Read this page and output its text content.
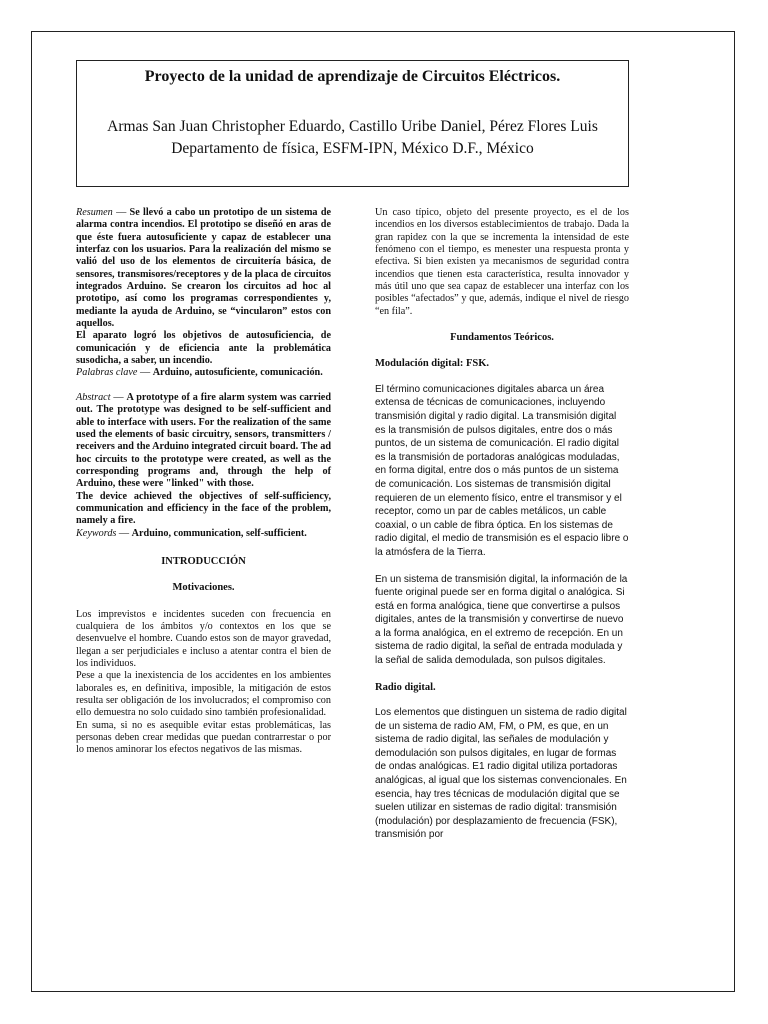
Proyecto de la unidad de aprendizaje de Circuitos Eléctricos.

Armas San Juan Christopher Eduardo, Castillo Uribe Daniel, Pérez Flores Luis

Departamento de física, ESFM-IPN, México D.F., México

Resumen — Se llevó a cabo un prototipo de un sistema de alarma contra incendios. El prototipo se diseñó en aras de que éste fuera autosuficiente y capaz de establecer una interfaz con los usuarios. Para la realización del mismo se valió del uso de los elementos de circuitería básica, de sensores, transmisores/receptores y de la placa de circuitos integrados Arduino. Se crearon los circuitos ad hoc al prototipo, así como los programas correspondientes y, mediante la ayuda de Arduino, se “vincularon” estos con aquellos.

El aparato logró los objetivos de autosuficiencia, de comunicación y de eficiencia ante la problemática susodicha, a saber, un incendio.

Palabras clave — Arduino, autosuficiente, comunicación.

Abstract — A prototype of a fire alarm system was carried out. The prototype was designed to be self-sufficient and able to interface with users. For the realization of the same used the elements of basic circuitry, sensors, transmitters / receivers and the Arduino integrated circuit board. The ad hoc circuits to the prototype were created, as well as the corresponding programs and, through the help of Arduino, these were "linked" with those.

The device achieved the objectives of self-sufficiency, communication and efficiency in the face of the problem, namely a fire.

Keywords — Arduino, communication, self-sufficient.

INTRODUCCIÓN

Motivaciones.

Los imprevistos e incidentes suceden con frecuencia en cualquiera de los ámbitos y/o contextos en los que se desenvuelve el hombre. Cuando estos son de mayor gravedad, llegan a ser perjudiciales e incluso a atentar contra el bien de los individuos.

Pese a que la inexistencia de los accidentes en los ambientes laborales es, en definitiva, imposible, la mitigación de estos resulta ser obligación de los involucrados; el compromiso con ello demuestra no solo cuidado sino también profesionalidad.

En suma, si no es asequible evitar estas problemáticas, las personas deben crear medidas que puedan contrarrestar o por lo menos aminorar los efectos negativos de las mismas.

Un caso típico, objeto del presente proyecto, es el de los incendios en los diversos establecimientos de trabajo. Dada la gran rapidez con la que se incrementa la intensidad de este fenómeno con el tiempo, es menester una respuesta pronta y efectiva. Si bien existen ya mecanismos de seguridad contra incendios que tienen esta característica, resulta innovador y más útil uno que sea capaz de establecer una interfaz con los posibles “afectados” y que, además, indique el nivel de riesgo “en fila”.

Fundamentos Teóricos.

Modulación digital: FSK.

El término comunicaciones digitales abarca un área extensa de técnicas de comunicaciones, incluyendo transmisión digital y radio digital. La transmisión digital es la transmisión de pulsos digitales, entre dos o más puntos, de un sistema de comunicación. El radio digital es la transmisión de portadoras analógicas moduladas, en forma digital, entre dos o más puntos de un sistema de comunicación. Los sistemas de transmisión digital requieren de un elemento físico, entre el transmisor y el receptor, como un par de cables metálicos, un cable coaxial, o un cable de fibra óptica. En los sistemas de radio digital, el medio de transmisión es el espacio libre o la atmósfera de la Tierra.

En un sistema de transmisión digital, la información de la fuente original puede ser en forma digital o analógica. Si está en forma analógica, tiene que convertirse a pulsos digitales, antes de la transmisión y convertirse de nuevo a la forma analógica, en el extremo de recepción. En un sistema de radio digital, la señal de entrada modulada y la señal de salida demodulada, son pulsos digitales.

Radio digital.

Los elementos que distinguen un sistema de radio digital de un sistema de radio AM, FM, o PM, es que, en un sistema de radio digital, las señales de modulación y demodulación son pulsos digitales, en lugar de formas de ondas analógicas. E1 radio digital utiliza portadoras analógicas, al igual que los sistemas convencionales. En esencia, hay tres técnicas de modulación digital que se suelen utilizar en sistemas de radio digital: transmisión (modulación) por desplazamiento de frecuencia (FSK), transmisión por
